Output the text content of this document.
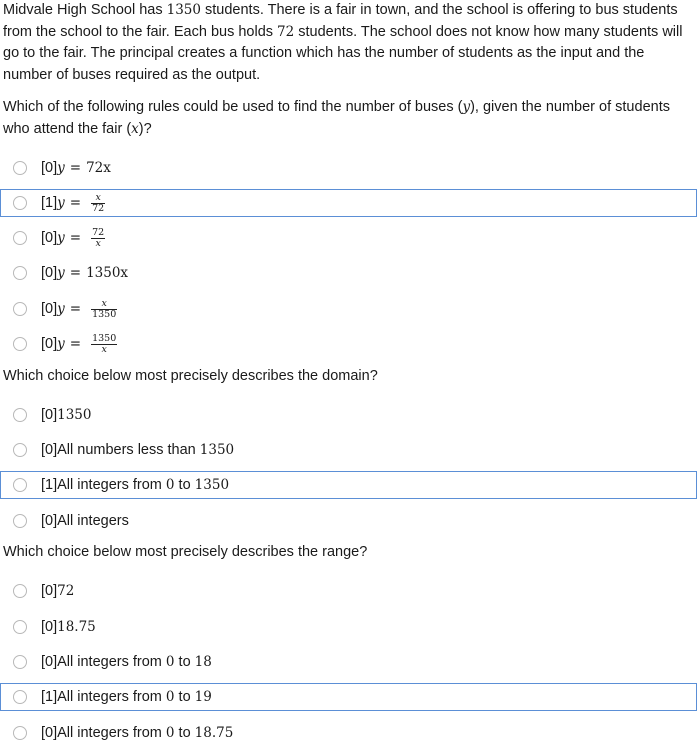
Midvale High School has 1350 students. There is a fair in town, and the school is offering to bus students from the school to the fair. Each bus holds 72 students. The school does not know how many students will go to the fair. The principal creates a function which has the number of students as the input and the number of buses required as the output.

Which of the following rules could be used to find the number of buses (y), given the number of students who attend the fair (x)?

[0] y = 72x
[1] $y = \frac{x}{72}$
[0] $y = \frac{72}{x}$
[0] y = 1350x
[0] $y = \frac{x}{1350}$
[0] $y = \frac{1350}{x}$

Which choice below most precisely describes the domain?

[0] 1350
[0] All numbers less than 1350
[1] All integers from 0 to 1350
[0] All integers

Which choice below most precisely describes the range?

[0] 72
[0] 18.75
[0] All integers from 0 to 18
[1] All integers from 0 to 19
[0] All integers from 0 to 18.75
